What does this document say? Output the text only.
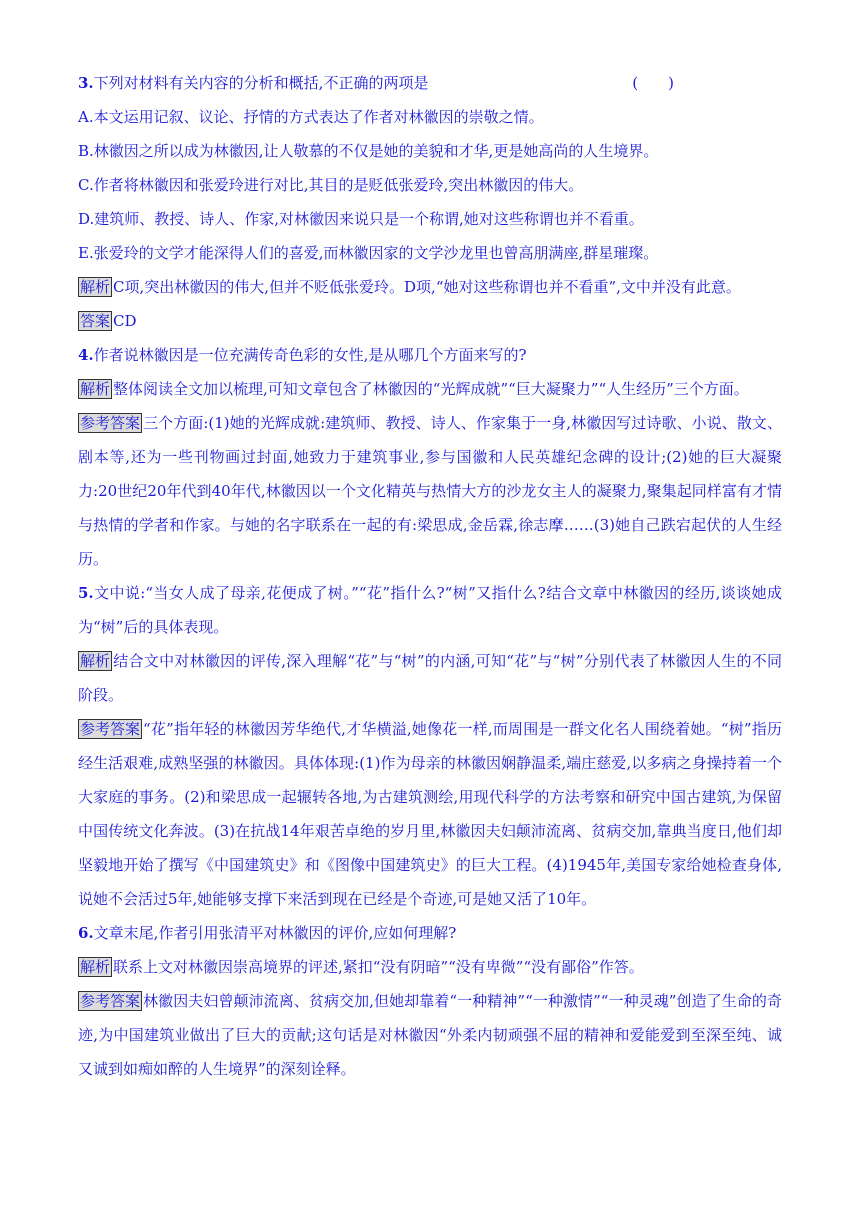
3.下列对材料有关内容的分析和概括,不正确的两项是	(　　)
A.本文运用记叙、议论、抒情的方式表达了作者对林徽因的崇敬之情。
B.林徽因之所以成为林徽因,让人敬慕的不仅是她的美貌和才华,更是她高尚的人生境界。
C.作者将林徽因和张爱玲进行对比,其目的是贬低张爱玲,突出林徽因的伟大。
D.建筑师、教授、诗人、作家,对林徽因来说只是一个称谓,她对这些称谓也并不看重。
E.张爱玲的文学才能深得人们的喜爱,而林徽因家的文学沙龙里也曾高朋满座,群星璀璨。
解析 C项,突出林徽因的伟大,但并不贬低张爱玲。D项,“她对这些称谓也并不看重”,文中并没有此意。
答案 CD
4.作者说林徽因是一位充满传奇色彩的女性,是从哪几个方面来写的?
解析 整体阅读全文加以梳理,可知文章包含了林徽因的“光辉成就”“巨大凝聚力”“人生经历”三个方面。
参考答案 三个方面:(1)她的光辉成就:建筑师、教授、诗人、作家集于一身,林徽因写过诗歌、小说、散文、剧本等,还为一些刊物画过封面,她致力于建筑事业,参与国徽和人民英雄纪念碑的设计;(2)她的巨大凝聚力:20世纪20年代到40年代,林徽因以一个文化精英与热情大方的沙龙女主人的凝聚力,聚集起同样富有才情与热情的学者和作家。与她的名字联系在一起的有:梁思成,金岳霖,徐志摩……(3)她自己跌宕起伏的人生经历。
5.文中说:“当女人成了母亲,花便成了树。”“花”指什么?“树”又指什么?结合文章中林徽因的经历,谈谈她成为“树”后的具体表现。
解析 结合文中对林徽因的评传,深入理解“花”与“树”的内涵,可知“花”与“树”分别代表了林徽因人生的不同阶段。
参考答案 “花”指年轻的林徽因芳华绝代,才华横溢,她像花一样,而周围是一群文化名人围绕着她。“树”指历经生活艰难,成熟坚强的林徽因。具体体现:(1)作为母亲的林徽因娴静温柔,端庄慈爱,以多病之身操持着一个大家庭的事务。(2)和梁思成一起辗转各地,为古建筑测绘,用现代科学的方法考察和研究中国古建筑,为保留中国传统文化奔波。(3)在抗战14年艰苦卓绝的岁月里,林徽因夫妇颠沛流离、贫病交加,靠典当度日,他们却坚毅地开始了撰写《中国建筑史》和《图像中国建筑史》的巨大工程。(4)1945年,美国专家给她检查身体,说她不会活过5年,她能够支撑下来活到现在已经是个奇迹,可是她又活了10年。
6.文章末尾,作者引用张清平对林徽因的评价,应如何理解?
解析 联系上文对林徽因崇高境界的评述,紧扣“没有阴暗”“没有卑微”“没有鄙俗”作答。
参考答案 林徽因夫妇曾颠沛流离、贫病交加,但她却靠着“一种精神”“一种激情”“一种灵魂”创造了生命的奇迹,为中国建筑业做出了巨大的贡献;这句话是对林徽因“外柔内韧顽强不屈的精神和爱能爱到至深至纯、诚又诚到如痴如醉的人生境界”的深刻诠释。
